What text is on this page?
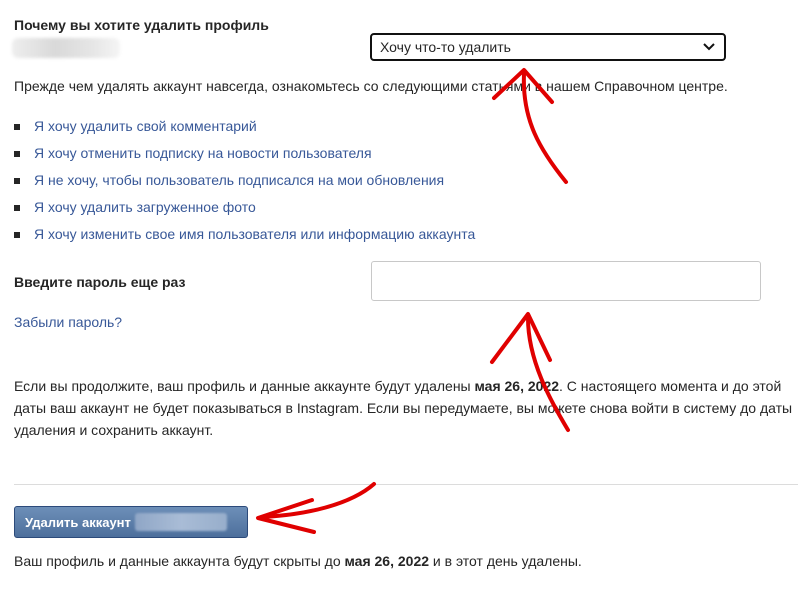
Почему вы хотите удалить профиль
Хочу что-то удалить
Прежде чем удалять аккаунт навсегда, ознакомьтесь со следующими статьями в нашем Справочном центре.
Я хочу удалить свой комментарий
Я хочу отменить подписку на новости пользователя
Я не хочу, чтобы пользователь подписался на мои обновления
Я хочу удалить загруженное фото
Я хочу изменить свое имя пользователя или информацию аккаунта
Введите пароль еще раз
Забыли пароль?
Если вы продолжите, ваш профиль и данные аккаунте будут удалены мая 26, 2022. С настоящего момента и до этой даты ваш аккаунт не будет показываться в Instagram. Если вы передумаете, вы можете снова войти в систему до даты удаления и сохранить аккаунт.
Удалить аккаунт
Ваш профиль и данные аккаунта будут скрыты до мая 26, 2022 и в этот день удалены.
